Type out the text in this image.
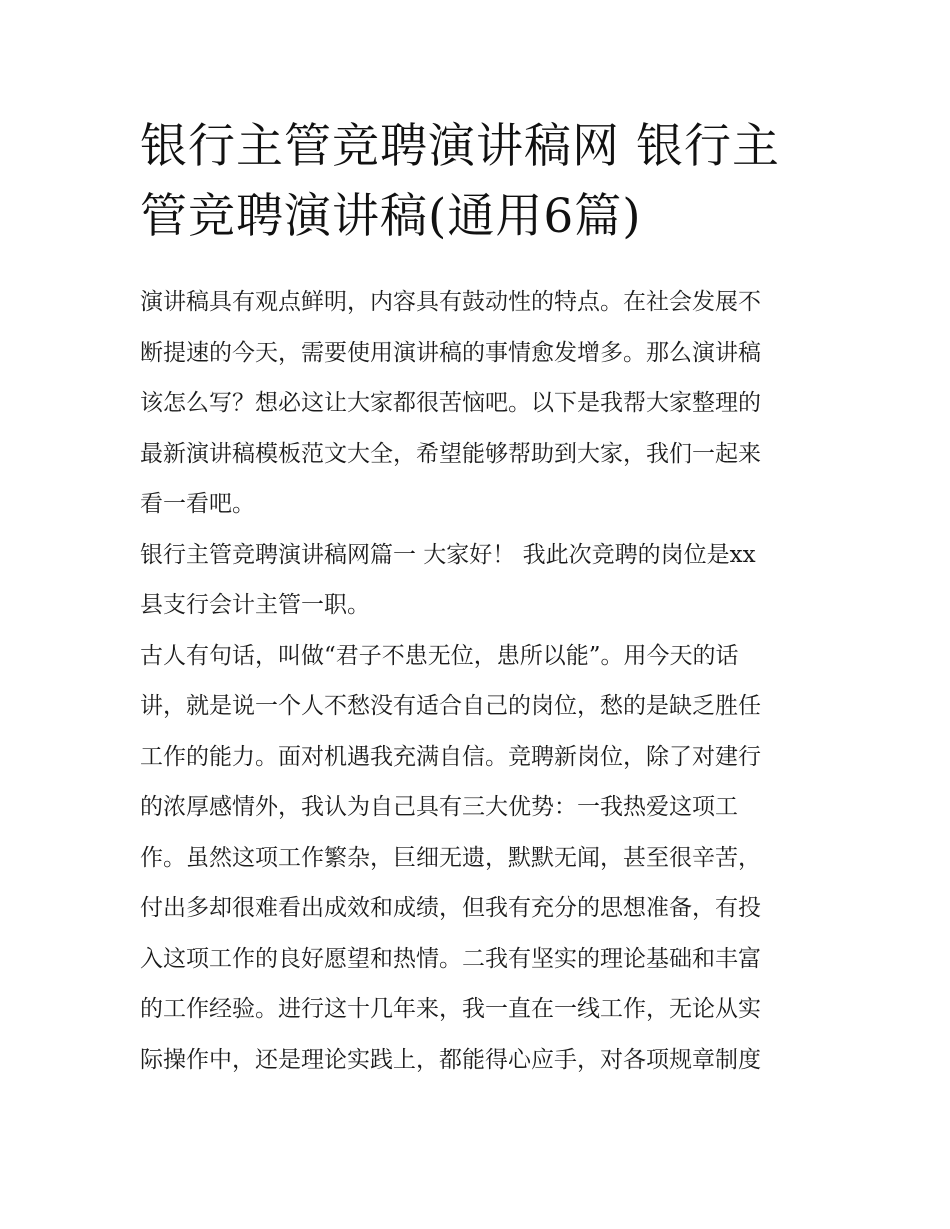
银行主管竞聘演讲稿网 银行主
管竞聘演讲稿(通用6篇)
演讲稿具有观点鲜明，内容具有鼓动性的特点。在社会发展不
断提速的今天，需要使用演讲稿的事情愈发增多。那么演讲稿
该怎么写？想必这让大家都很苦恼吧。以下是我帮大家整理的
最新演讲稿模板范文大全，希望能够帮助到大家，我们一起来
看一看吧。
银行主管竞聘演讲稿网篇一 大家好！ 我此次竞聘的岗位是xx
县支行会计主管一职。
古人有句话，叫做“君子不患无位，患所以能”。用今天的话
讲，就是说一个人不愁没有适合自己的岗位，愁的是缺乏胜任
工作的能力。面对机遇我充满自信。竞聘新岗位，除了对建行
的浓厚感情外，我认为自己具有三大优势：一我热爱这项工
作。虽然这项工作繁杂，巨细无遗，默默无闻，甚至很辛苦，
付出多却很难看出成效和成绩，但我有充分的思想准备，有投
入这项工作的良好愿望和热情。二我有坚实的理论基础和丰富
的工作经验。进行这十几年来，我一直在一线工作，无论从实
际操作中，还是理论实践上，都能得心应手，对各项规章制度
